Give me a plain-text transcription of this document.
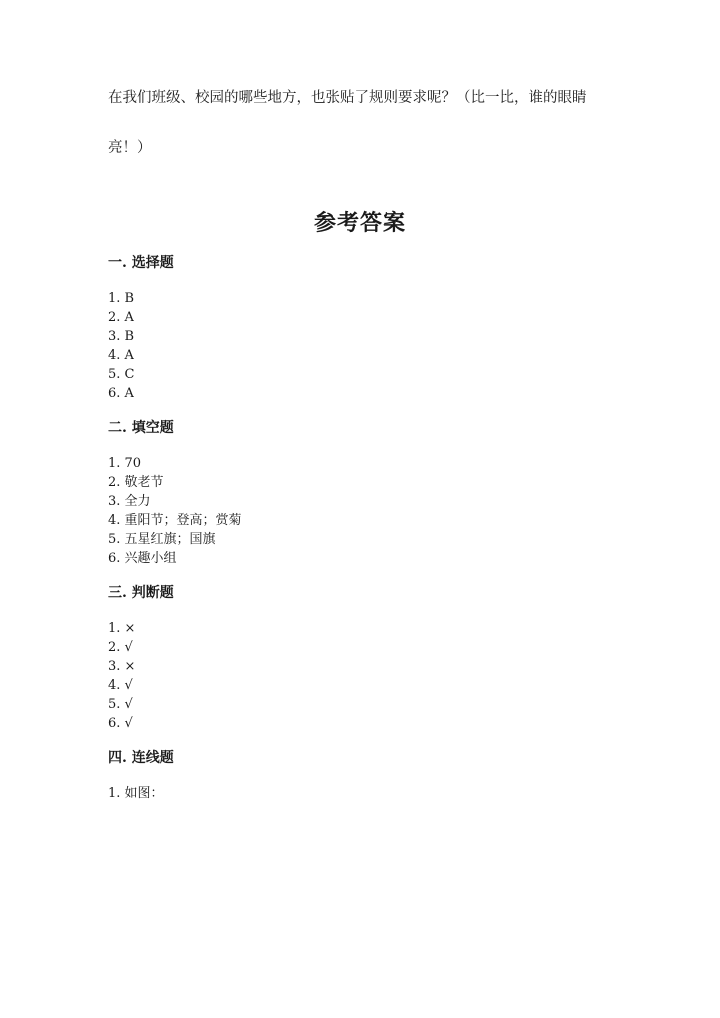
在我们班级、校园的哪些地方，也张贴了规则要求呢？（比一比，谁的眼睛
亮！）
参考答案
一. 选择题
1. B
2. A
3. B
4. A
5. C
6. A
二. 填空题
1. 70
2. 敬老节
3. 全力
4. 重阳节；登高；赏菊
5. 五星红旗；国旗
6. 兴趣小组
三. 判断题
1. ×
2. √
3. ×
4. √
5. √
6. √
四. 连线题
1. 如图：
